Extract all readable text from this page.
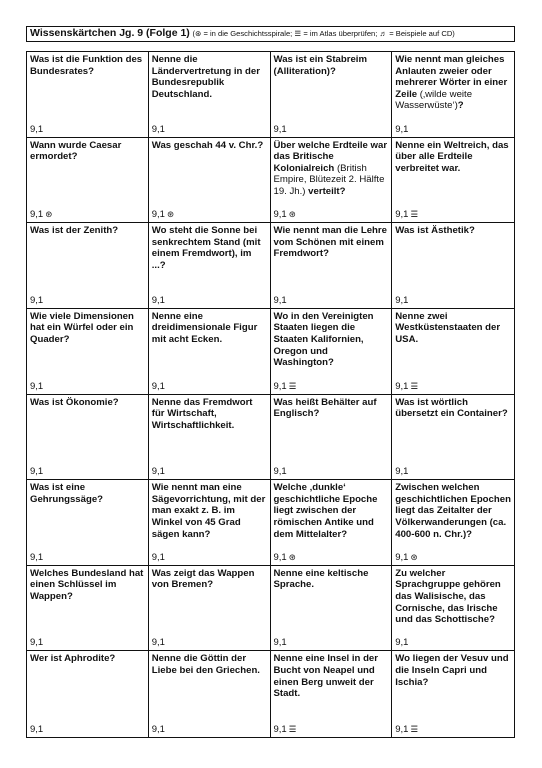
Wissenskärtchen Jg. 9 (Folge 1) (⊛ = in die Geschichtsspirale; ☰ = im Atlas überprüfen; ♬ = Beispiele auf CD)
Was ist die Funktion des Bundesrates?
9,1
Nenne die Ländervertretung in der Bundesrepublik Deutschland.
9,1
Was ist ein Stabreim (Alliteration)?
9,1
Wie nennt man gleiches Anlauten zweier oder mehrerer Wörter in einer Zeile (‚wilde weite Wasserwüste‘)?
9,1
Wann wurde Caesar ermordet?
9,1 ⊛
Was geschah 44 v. Chr.?
9,1 ⊛
Über welche Erdteile war das Britische Kolonialreich (British Empire, Blütezeit 2. Hälfte 19. Jh.) verteilt?
9,1 ⊛
Nenne ein Weltreich, das über alle Erdteile verbreitet war.
9,1 ☰
Was ist der Zenith?
9,1
Wo steht die Sonne bei senkrechtem Stand (mit einem Fremdwort), im ...?
9,1
Wie nennt man die Lehre vom Schönen mit einem Fremdwort?
9,1
Was ist Ästhetik?
9,1
Wie viele Dimensionen hat ein Würfel oder ein Quader?
9,1
Nenne eine dreidimensionale Figur mit acht Ecken.
9,1
Wo in den Vereinigten Staaten liegen die Staaten Kalifornien, Oregon und Washington?
9,1 ☰
Nenne zwei Westküstenstaaten der USA.
9,1 ☰
Was ist Ökonomie?
9,1
Nenne das Fremdwort für Wirtschaft, Wirtschaftlichkeit.
9,1
Was heißt Behälter auf Englisch?
9,1
Was ist wörtlich übersetzt ein Container?
9,1
Was ist eine Gehrungssäge?
9,1
Wie nennt man eine Sägevorrichtung, mit der man exakt z. B. im Winkel von 45 Grad sägen kann?
9,1
Welche ‚dunkle‘ geschichtliche Epoche liegt zwischen der römischen Antike und dem Mittelalter?
9,1 ⊛
Zwischen welchen geschichtlichen Epochen liegt das Zeitalter der Völkerwanderungen (ca. 400-600 n. Chr.)?
9,1 ⊛
Welches Bundesland hat einen Schlüssel im Wappen?
9,1
Was zeigt das Wappen von Bremen?
9,1
Nenne eine keltische Sprache.
9,1
Zu welcher Sprachgruppe gehören das Walisische, das Cornische, das Irische und das Schottische?
9,1
Wer ist Aphrodite?
9,1
Nenne die Göttin der Liebe bei den Griechen.
9,1
Nenne eine Insel in der Bucht von Neapel und einen Berg unweit der Stadt.
9,1 ☰
Wo liegen der Vesuv und die Inseln Capri und Ischia?
9,1 ☰
